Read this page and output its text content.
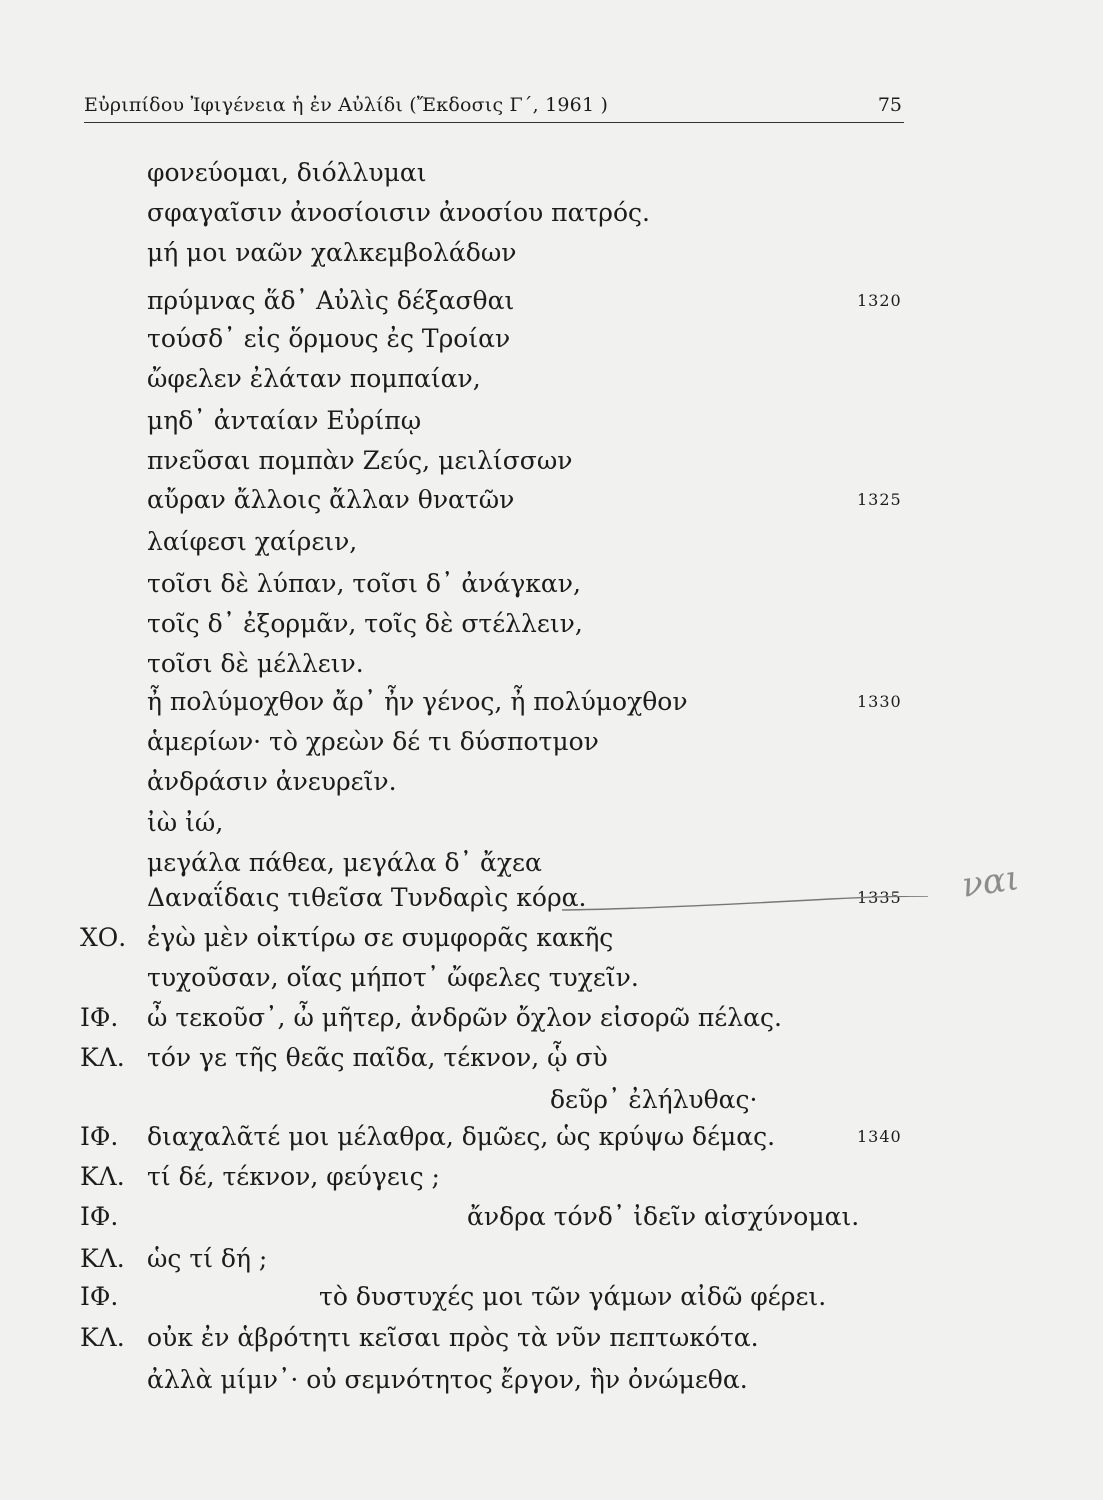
Εὐριπίδου Ἰφιγένεια ἡ ἐν Αὐλίδι (Ἔκδοσις Γ΄, 1961 )	75
φονεύομαι, διόλλυμαι
σφαγαῖσιν ἀνοσίοισιν ἀνοσίου πατρός.
μή μοι ναῶν χαλκεμβολάδων
πρύμνας ἅδ᾽ Αὐλὶς δέξασθαι	1320
τούσδ᾽ εἰς ὅρμους ἐς Τροίαν
ὤφελεν ἐλάταν πομπαίαν,
μηδ᾽ ἀνταίαν Εὐρίπῳ
πνεῦσαι πομπὰν Ζεύς, μειλίσσων
αὔραν ἄλλοις ἄλλαν θνατῶν	1325
λαίφεσι χαίρειν,
τοῖσι δὲ λύπαν, τοῖσι δ᾽ ἀνάγκαν,
τοῖς δ᾽ ἐξορμᾶν, τοῖς δὲ στέλλειν,
τοῖσι δὲ μέλλειν.
ἦ πολύμοχθον ἄρ᾽ ἦν γένος, ἦ πολύμοχθον	1330
ἁμερίων· τὸ χρεὼν δέ τι δύσποτμον
ἀνδράσιν ἀνευρεῖν.
ἰὼ ἰώ,
μεγάλα πάθεα, μεγάλα δ᾽ ἄχεα
Δαναΐδαις τιθεῖσα Τυνδαρὶς κόρα.	1335
ΧΟ. ἐγὼ μὲν οἰκτίρω σε συμφορᾶς κακῆς
τυχοῦσαν, οἵας μήποτ᾽ ὤφελες τυχεῖν.
ΙΦ. ὦ τεκοῦσ᾽, ὦ μῆτερ, ἀνδρῶν ὄχλον εἰσορῶ πέλας.
ΚΛ. τόν γε τῆς θεᾶς παῖδα, τέκνον, ᾧ σὺ
δεῦρ᾽ ἐλήλυθας·
ΙΦ. διαχαλᾶτέ μοι μέλαθρα, δμῶες, ὡς κρύψω δέμας.	1340
ΚΛ. τί δέ, τέκνον, φεύγεις ;
ΙΦ.	ἄνδρα τόνδ᾽ ἰδεῖν αἰσχύνομαι.
ΚΛ. ὡς τί δή ;
ΙΦ.	τὸ δυστυχές μοι τῶν γάμων αἰδῶ φέρει.
ΚΛ. οὐκ ἐν ἁβρότητι κεῖσαι πρὸς τὰ νῦν πεπτωκότα.
ἀλλὰ μίμν᾽· οὐ σεμνότητος ἔργον, ἣν ὀνώμεθα.
ναι
